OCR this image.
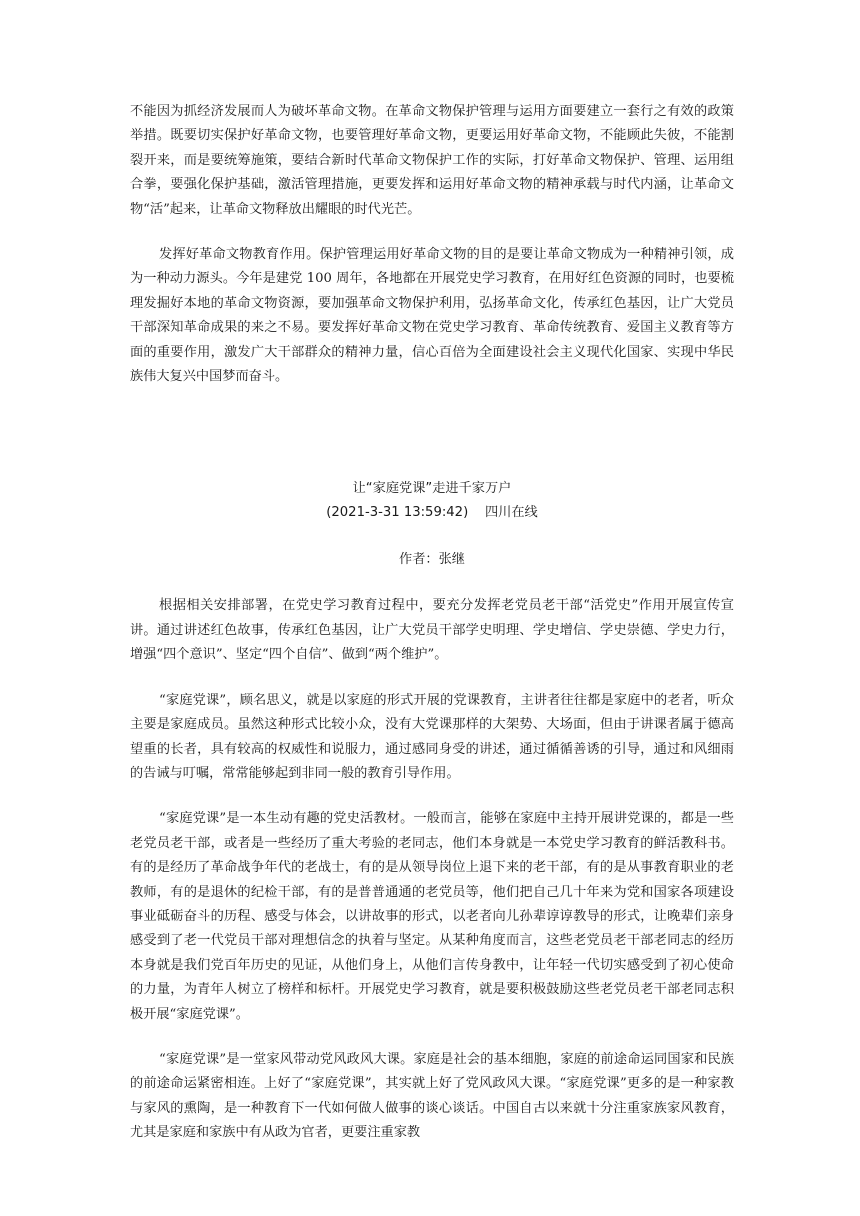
不能因为抓经济发展而人为破坏革命文物。在革命文物保护管理与运用方面要建立一套行之有效的政策举措。既要切实保护好革命文物，也要管理好革命文物，更要运用好革命文物，不能顾此失彼，不能割裂开来，而是要统筹施策，要结合新时代革命文物保护工作的实际，打好革命文物保护、管理、运用组合拳，要强化保护基础，激活管理措施，更要发挥和运用好革命文物的精神承载与时代内涵，让革命文物“活”起来，让革命文物释放出耀眼的时代光芒。

发挥好革命文物教育作用。保护管理运用好革命文物的目的是要让革命文物成为一种精神引领，成为一种动力源头。今年是建党 100 周年，各地都在开展党史学习教育，在用好红色资源的同时，也要梳理发掘好本地的革命文物资源，要加强革命文物保护利用，弘扬革命文化，传承红色基因，让广大党员干部深知革命成果的来之不易。要发挥好革命文物在党史学习教育、革命传统教育、爱国主义教育等方面的重要作用，激发广大干部群众的精神力量，信心百倍为全面建设社会主义现代化国家、实现中华民族伟大复兴中国梦而奋斗。

让“家庭党课”走进千家万户

(2021-3-31 13:59:42)    四川在线

作者：张继

根据相关安排部署，在党史学习教育过程中，要充分发挥老党员老干部“活党史”作用开展宣传宣讲。通过讲述红色故事，传承红色基因，让广大党员干部学史明理、学史增信、学史崇德、学史力行，增强“四个意识”、坚定“四个自信”、做到“两个维护”。

“家庭党课”，顾名思义，就是以家庭的形式开展的党课教育，主讲者往往都是家庭中的老者，听众主要是家庭成员。虽然这种形式比较小众，没有大党课那样的大架势、大场面，但由于讲课者属于德高望重的长者，具有较高的权威性和说服力，通过感同身受的讲述，通过循循善诱的引导，通过和风细雨的告诫与叮嘱，常常能够起到非同一般的教育引导作用。

“家庭党课”是一本生动有趣的党史活教材。一般而言，能够在家庭中主持开展讲党课的，都是一些老党员老干部，或者是一些经历了重大考验的老同志，他们本身就是一本党史学习教育的鲜活教科书。有的是经历了革命战争年代的老战士，有的是从领导岗位上退下来的老干部，有的是从事教育职业的老教师，有的是退休的纪检干部，有的是普普通通的老党员等，他们把自己几十年来为党和国家各项建设事业砥砺奋斗的历程、感受与体会，以讲故事的形式，以老者向儿孙辈谆谆教导的形式，让晚辈们亲身感受到了老一代党员干部对理想信念的执着与坚定。从某种角度而言，这些老党员老干部老同志的经历本身就是我们党百年历史的见证，从他们身上，从他们言传身教中，让年轻一代切实感受到了初心使命的力量，为青年人树立了榜样和标杆。开展党史学习教育，就是要积极鼓励这些老党员老干部老同志积极开展“家庭党课”。

“家庭党课”是一堂家风带动党风政风大课。家庭是社会的基本细胞，家庭的前途命运同国家和民族的前途命运紧密相连。上好了“家庭党课”，其实就上好了党风政风大课。“家庭党课”更多的是一种家教与家风的熏陶，是一种教育下一代如何做人做事的谈心谈话。中国自古以来就十分注重家族家风教育，尤其是家庭和家族中有从政为官者，更要注重家教
